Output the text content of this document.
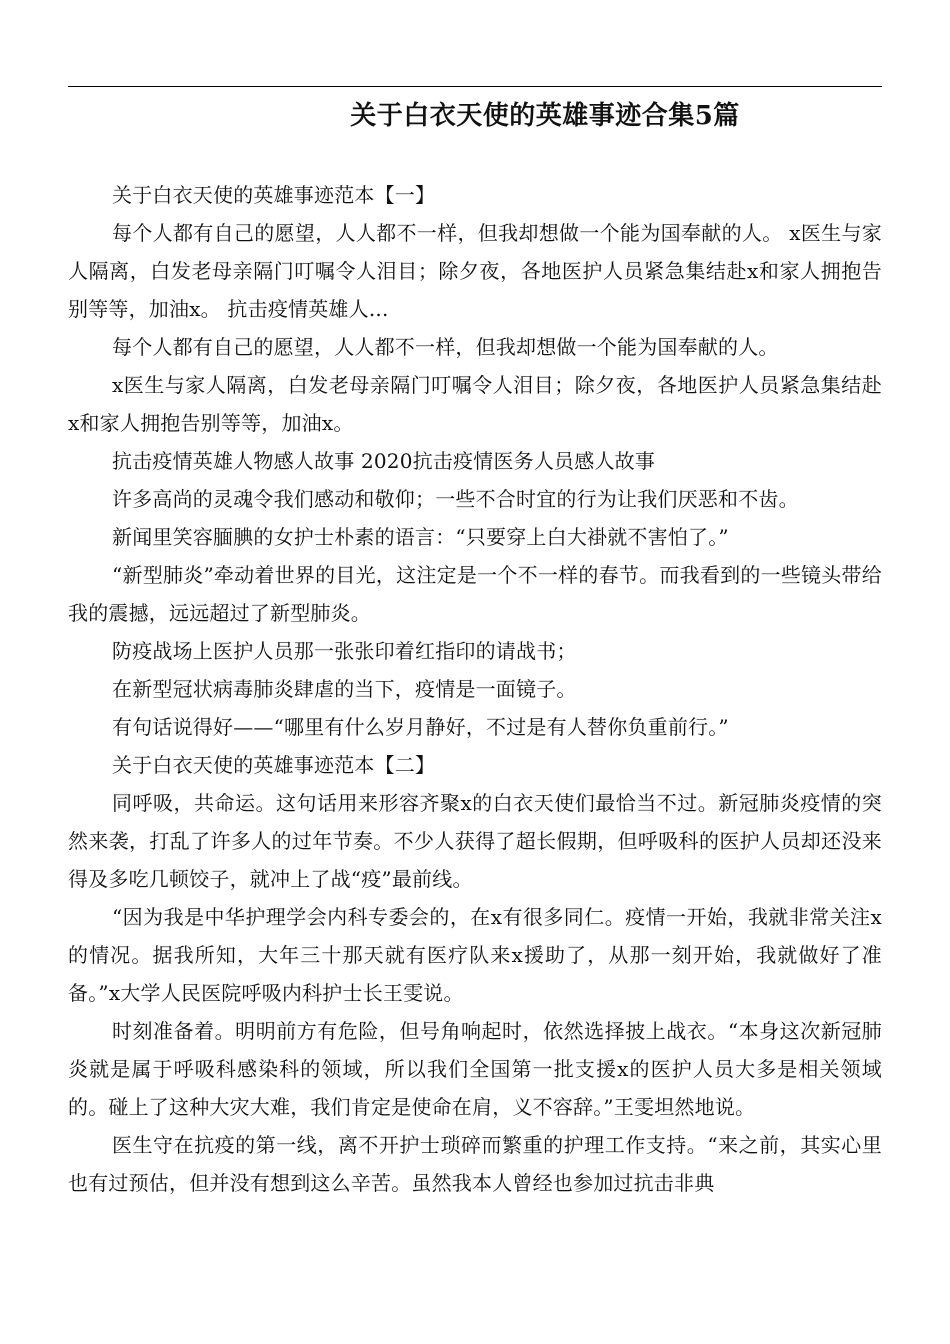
关于白衣天使的英雄事迹合集5篇

关于白衣天使的英雄事迹范本【一】

每个人都有自己的愿望，人人都不一样，但我却想做一个能为国奉献的人。 x医生与家人隔离，白发老母亲隔门叮嘱令人泪目；除夕夜，各地医护人员紧急集结赴x和家人拥抱告别等等，加油x。 抗击疫情英雄人...

每个人都有自己的愿望，人人都不一样，但我却想做一个能为国奉献的人。

x医生与家人隔离，白发老母亲隔门叮嘱令人泪目；除夕夜，各地医护人员紧急集结赴x和家人拥抱告别等等，加油x。

抗击疫情英雄人物感人故事 2020抗击疫情医务人员感人故事

许多高尚的灵魂令我们感动和敬仰；一些不合时宜的行为让我们厌恶和不齿。

新闻里笑容腼腆的女护士朴素的语言：“只要穿上白大褂就不害怕了。”

“新型肺炎”牵动着世界的目光，这注定是一个不一样的春节。而我看到的一些镜头带给我的震撼，远远超过了新型肺炎。

防疫战场上医护人员那一张张印着红指印的请战书；

在新型冠状病毒肺炎肆虐的当下，疫情是一面镜子。

有句话说得好——“哪里有什么岁月静好，不过是有人替你负重前行。”

关于白衣天使的英雄事迹范本【二】

同呼吸，共命运。这句话用来形容齐聚x的白衣天使们最恰当不过。新冠肺炎疫情的突然来袭，打乱了许多人的过年节奏。不少人获得了超长假期，但呼吸科的医护人员却还没来得及多吃几顿饺子，就冲上了战“疫”最前线。

“因为我是中华护理学会内科专委会的，在x有很多同仁。疫情一开始，我就非常关注x的情况。据我所知，大年三十那天就有医疗队来x援助了，从那一刻开始，我就做好了准备。”x大学人民医院呼吸内科护士长王雯说。

时刻准备着。明明前方有危险，但号角响起时，依然选择披上战衣。“本身这次新冠肺炎就是属于呼吸科感染科的领域，所以我们全国第一批支援x的医护人员大多是相关领域的。碰上了这种大灾大难，我们肯定是使命在肩，义不容辞。”王雯坦然地说。

医生守在抗疫的第一线，离不开护士琐碎而繁重的护理工作支持。“来之前，其实心里也有过预估，但并没有想到这么辛苦。虽然我本人曾经也参加过抗击非典
